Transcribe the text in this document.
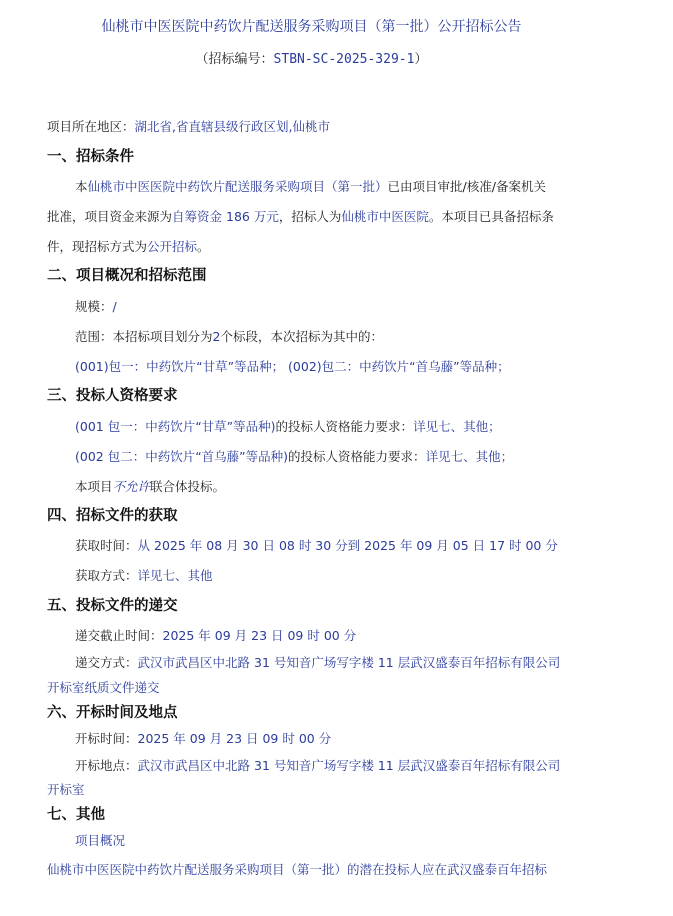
仙桃市中医医院中药饮片配送服务采购项目（第一批）公开招标公告
（招标编号：STBN-SC-2025-329-1）
项目所在地区：湖北省,省直辖县级行政区划,仙桃市
一、招标条件
本仙桃市中医医院中药饮片配送服务采购项目（第一批）已由项目审批/核准/备案机关
批准，项目资金来源为自筹资金 186 万元，招标人为仙桃市中医医院。本项目已具备招标条
件，现招标方式为公开招标。
二、项目概况和招标范围
规模：/
范围：本招标项目划分为2个标段，本次招标为其中的：
(001)包一：中药饮片“甘草”等品种； (002)包二：中药饮片“首乌藤”等品种；
三、投标人资格要求
(001 包一：中药饮片“甘草”等品种)的投标人资格能力要求：详见七、其他；
(002 包二：中药饮片“首乌藤”等品种)的投标人资格能力要求：详见七、其他；
本项目不允许联合体投标。
四、招标文件的获取
获取时间：从 2025 年 08 月 30 日 08 时 30 分到 2025 年 09 月 05 日 17 时 00 分
获取方式：详见七、其他
五、投标文件的递交
递交截止时间：2025 年 09 月 23 日 09 时 00 分
递交方式：武汉市武昌区中北路 31 号知音广场写字楼 11 层武汉盛泰百年招标有限公司
开标室纸质文件递交
六、开标时间及地点
开标时间：2025 年 09 月 23 日 09 时 00 分
开标地点：武汉市武昌区中北路 31 号知音广场写字楼 11 层武汉盛泰百年招标有限公司
开标室
七、其他
项目概况
仙桃市中医医院中药饮片配送服务采购项目（第一批）的潜在投标人应在武汉盛泰百年招标
